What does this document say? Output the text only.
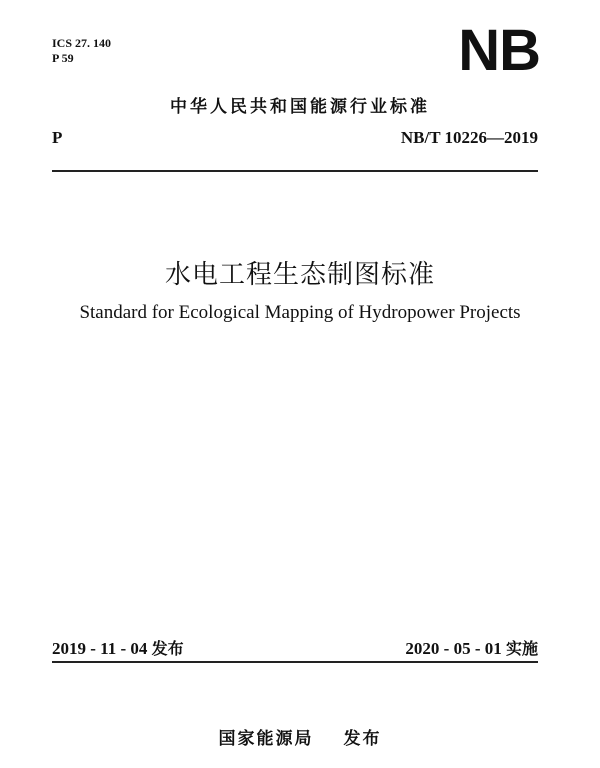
ICS 27. 140
P 59	NB
中华人民共和国能源行业标准
P	NB/T 10226—2019
水电工程生态制图标准
Standard for Ecological Mapping of Hydropower Projects
2019 - 11 - 04 发布	2020 - 05 - 01 实施
国家能源局 发布
